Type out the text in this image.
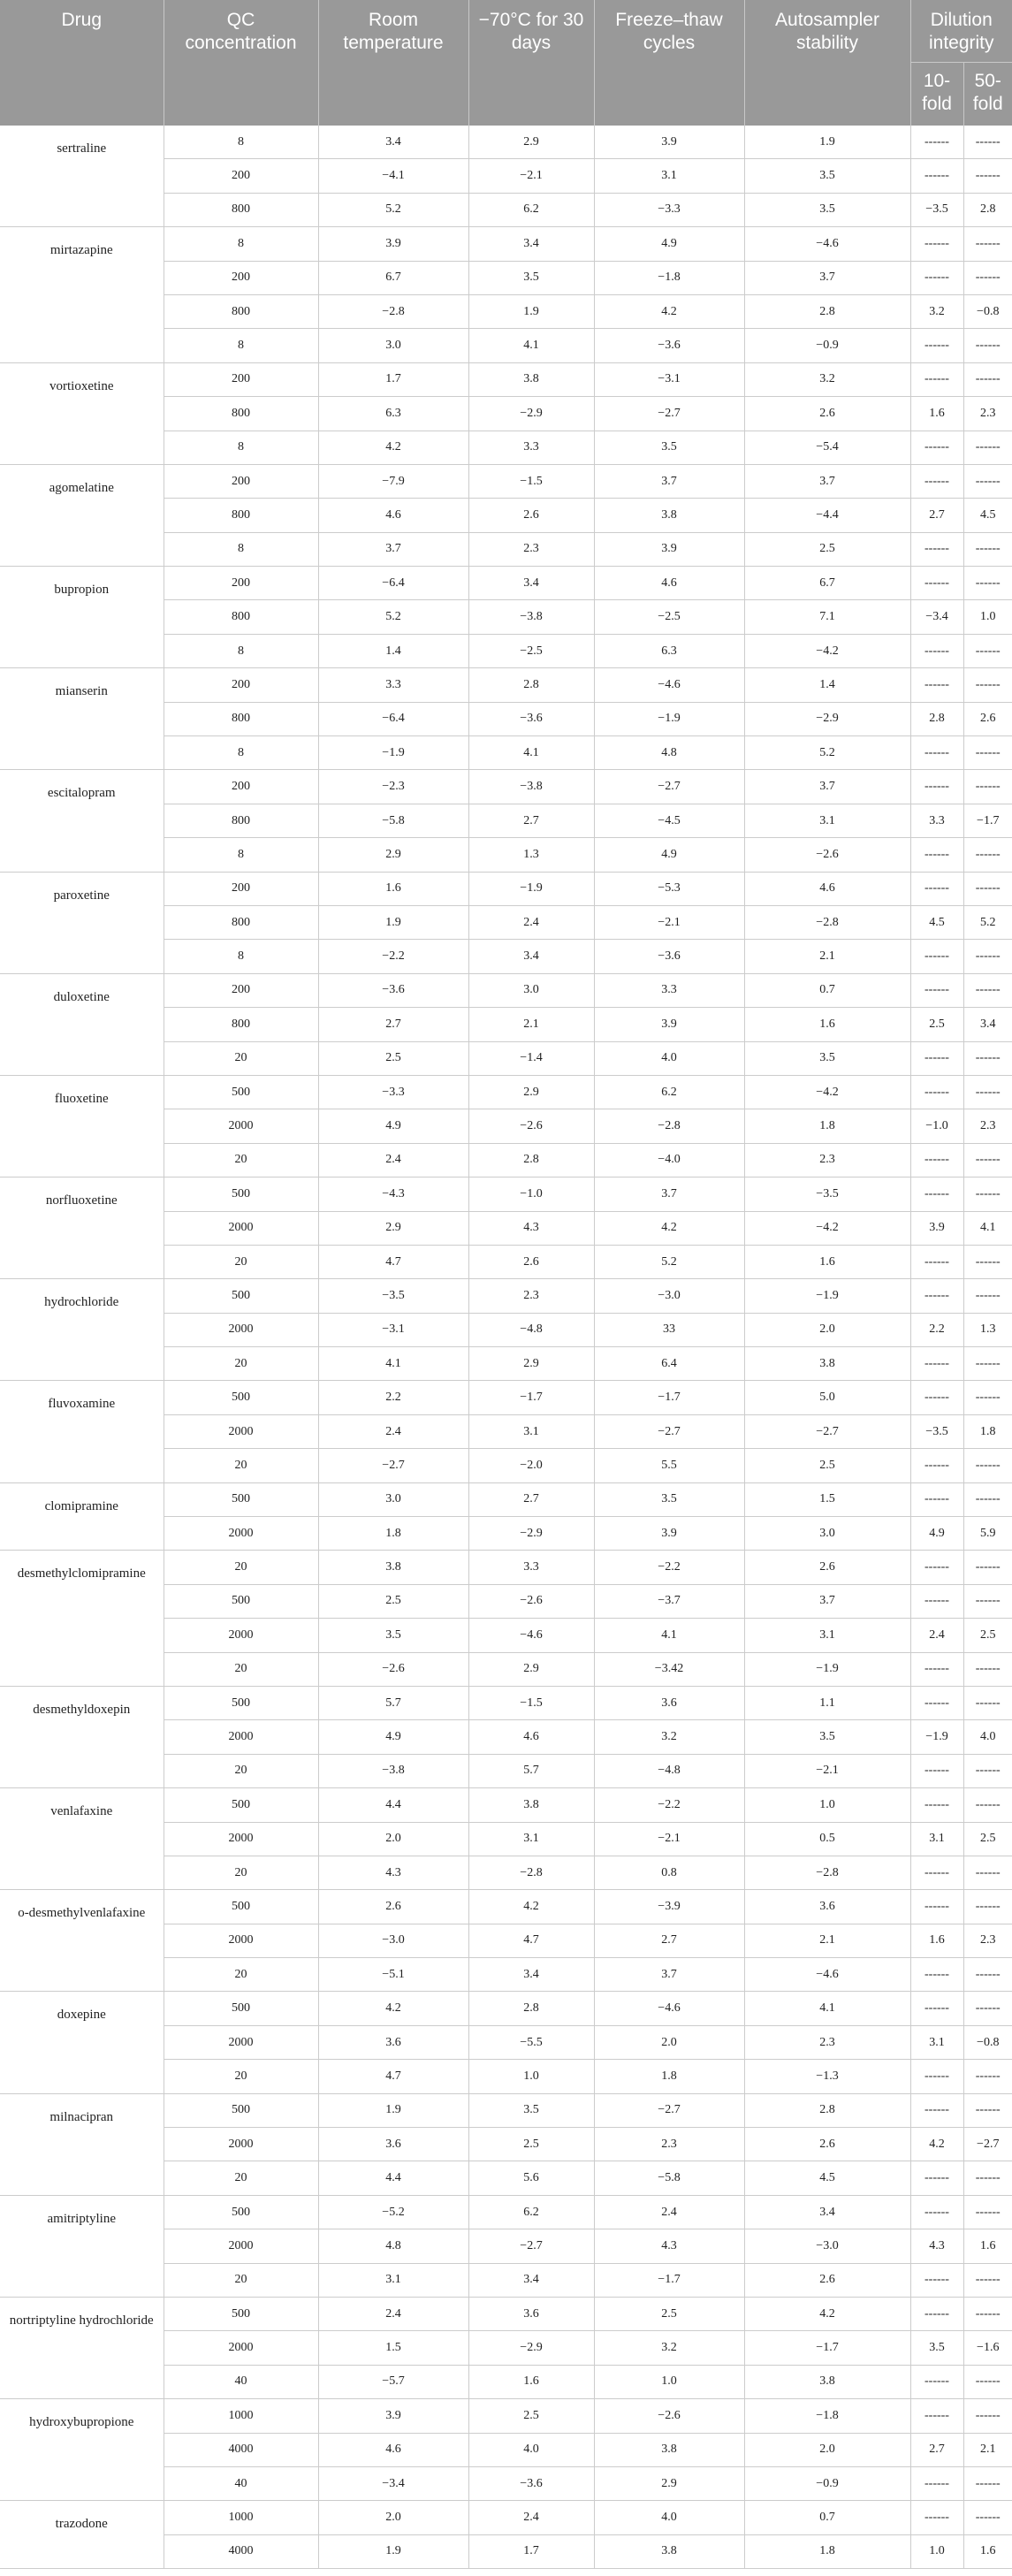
Drug	QC concentration	Room temperature	−70°C for 30 days	Freeze–thaw cycles	Autosampler stability	Dilution integrity	
						10-fold	50-fold
sertraline	8	3.4	2.9	3.9	1.9	------	------
	200	−4.1	−2.1	3.1	3.5	------	------
	800	5.2	6.2	−3.3	3.5	−3.5	2.8
mirtazapine	8	3.9	3.4	4.9	−4.6	------	------
	200	6.7	3.5	−1.8	3.7	------	------
	800	−2.8	1.9	4.2	2.8	3.2	−0.8
	8	3.0	4.1	−3.6	−0.9	------	------
vortioxetine	200	1.7	3.8	−3.1	3.2	------	------
	800	6.3	−2.9	−2.7	2.6	1.6	2.3
	8	4.2	3.3	3.5	−5.4	------	------
agomelatine	200	−7.9	−1.5	3.7	3.7	------	------
	800	4.6	2.6	3.8	−4.4	2.7	4.5
	8	3.7	2.3	3.9	2.5	------	------
bupropion	200	−6.4	3.4	4.6	6.7	------	------
	800	5.2	−3.8	−2.5	7.1	−3.4	1.0
	8	1.4	−2.5	6.3	−4.2	------	------
mianserin	200	3.3	2.8	−4.6	1.4	------	------
	800	−6.4	−3.6	−1.9	−2.9	2.8	2.6
	8	−1.9	4.1	4.8	5.2	------	------
escitalopram	200	−2.3	−3.8	−2.7	3.7	------	------
	800	−5.8	2.7	−4.5	3.1	3.3	−1.7
	8	2.9	1.3	4.9	−2.6	------	------
paroxetine	200	1.6	−1.9	−5.3	4.6	------	------
	800	1.9	2.4	−2.1	−2.8	4.5	5.2
	8	−2.2	3.4	−3.6	2.1	------	------
duloxetine	200	−3.6	3.0	3.3	0.7	------	------
	800	2.7	2.1	3.9	1.6	2.5	3.4
	20	2.5	−1.4	4.0	3.5	------	------
fluoxetine	500	−3.3	2.9	6.2	−4.2	------	------
	2000	4.9	−2.6	−2.8	1.8	−1.0	2.3
	20	2.4	2.8	−4.0	2.3	------	------
norfluoxetine	500	−4.3	−1.0	3.7	−3.5	------	------
	2000	2.9	4.3	4.2	−4.2	3.9	4.1
	20	4.7	2.6	5.2	1.6	------	------
hydrochloride	500	−3.5	2.3	−3.0	−1.9	------	------
	2000	−3.1	−4.8	33	2.0	2.2	1.3
	20	4.1	2.9	6.4	3.8	------	------
fluvoxamine	500	2.2	−1.7	−1.7	5.0	------	------
	2000	2.4	3.1	−2.7	−2.7	−3.5	1.8
	20	−2.7	−2.0	5.5	2.5	------	------
clomipramine	500	3.0	2.7	3.5	1.5	------	------
	2000	1.8	−2.9	3.9	3.0	4.9	5.9
desmethylclomipramine	20	3.8	3.3	−2.2	2.6	------	------
	500	2.5	−2.6	−3.7	3.7	------	------
	2000	3.5	−4.6	4.1	3.1	2.4	2.5
	20	−2.6	2.9	−3.42	−1.9	------	------
desmethyldoxepin	500	5.7	−1.5	3.6	1.1	------	------
	2000	4.9	4.6	3.2	3.5	−1.9	4.0
	20	−3.8	5.7	−4.8	−2.1	------	------
venlafaxine	500	4.4	3.8	−2.2	1.0	------	------
	2000	2.0	3.1	−2.1	0.5	3.1	2.5
	20	4.3	−2.8	0.8	−2.8	------	------
o-desmethylvenlafaxine	500	2.6	4.2	−3.9	3.6	------	------
	2000	−3.0	4.7	2.7	2.1	1.6	2.3
	20	−5.1	3.4	3.7	−4.6	------	------
doxepine	500	4.2	2.8	−4.6	4.1	------	------
	2000	3.6	−5.5	2.0	2.3	3.1	−0.8
	20	4.7	1.0	1.8	−1.3	------	------
milnacipran	500	1.9	3.5	−2.7	2.8	------	------
	2000	3.6	2.5	2.3	2.6	4.2	−2.7
	20	4.4	5.6	−5.8	4.5	------	------
amitriptyline	500	−5.2	6.2	2.4	3.4	------	------
	2000	4.8	−2.7	4.3	−3.0	4.3	1.6
	20	3.1	3.4	−1.7	2.6	------	------
nortriptyline hydrochloride	500	2.4	3.6	2.5	4.2	------	------
	2000	1.5	−2.9	3.2	−1.7	3.5	−1.6
	40	−5.7	1.6	1.0	3.8	------	------
hydroxybupropione	1000	3.9	2.5	−2.6	−1.8	------	------
	4000	4.6	4.0	3.8	2.0	2.7	2.1
	40	−3.4	−3.6	2.9	−0.9	------	------
trazodone	1000	2.0	2.4	4.0	0.7	------	------
	4000	1.9	1.7	3.8	1.8	1.0	1.6
